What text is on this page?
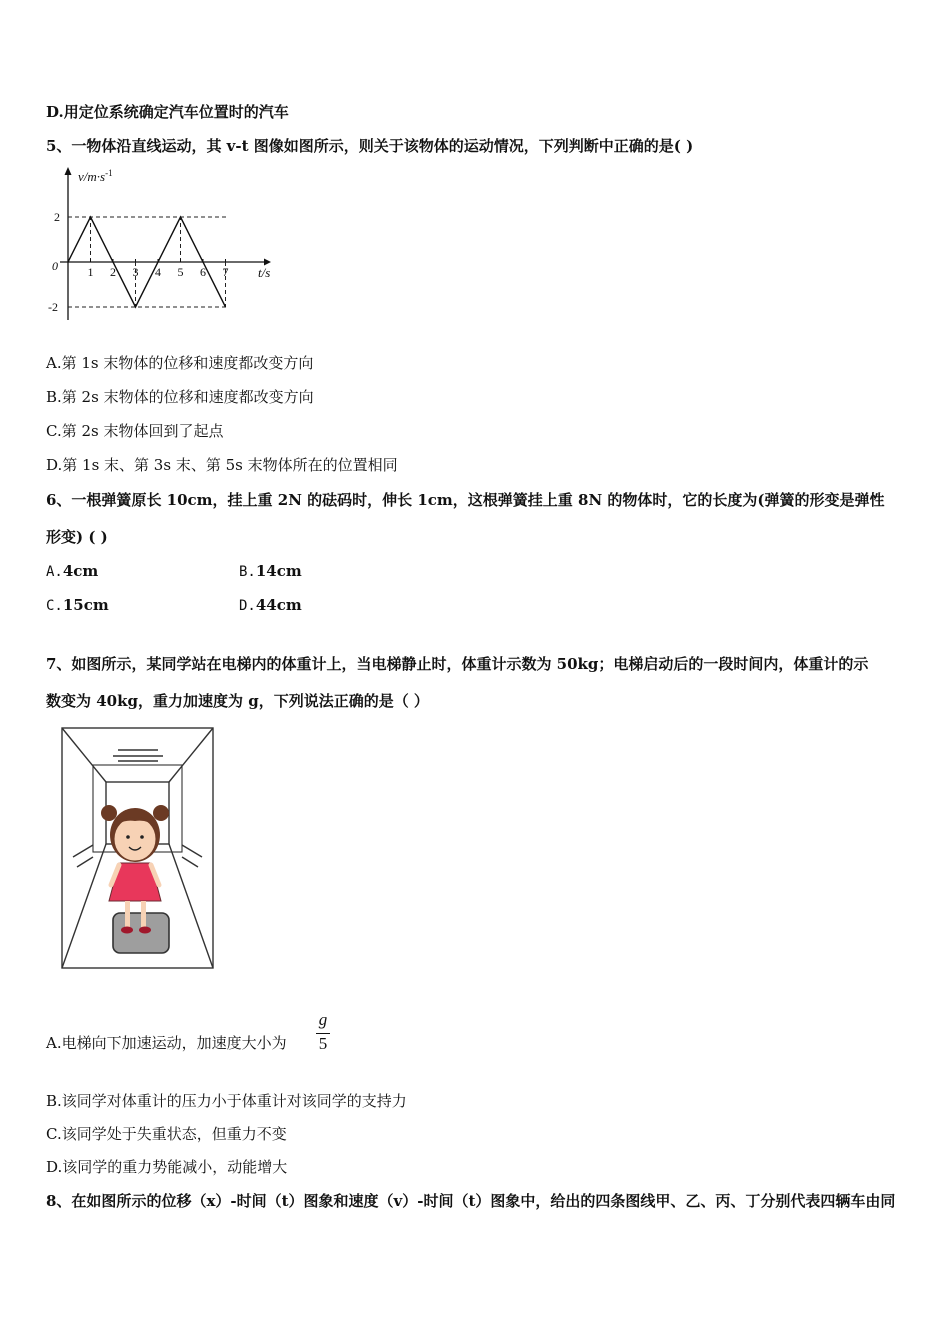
D.用定位系统确定汽车位置时的汽车
5、一物体沿直线运动，其 v-t 图像如图所示，则关于该物体的运动情况，下列判断中正确的是( )
1 2 3 4 5 6 7
2
-2
$v/m\cdot s^{-1}$
t/s
0
A.第 1s 末物体的位移和速度都改变方向
B.第 2s 末物体的位移和速度都改变方向
C.第 2s 末物体回到了起点
D.第 1s 末、第 3s 末、第 5s 末物体所在的位置相同
6、一根弹簧原长 10cm，挂上重 2N 的砝码时，伸长 1cm，这根弹簧挂上重 8N 的物体时，它的长度为(弹簧的形变是弹性
形变) ( )
A.4cm	B.14cm
C.15cm	D.44cm
7、如图所示，某同学站在电梯内的体重计上，当电梯静止时，体重计示数为 50kg；电梯启动后的一段时间内，体重计的示
数变为 40kg，重力加速度为 g，下列说法正确的是（ ）
A.电梯向下加速运动，加速度大小为
g
5
B.该同学对体重计的压力小于体重计对该同学的支持力
C.该同学处于失重状态，但重力不变
D.该同学的重力势能减小，动能增大
8、在如图所示的位移（x）-时间（t）图象和速度（v）-时间（t）图象中，给出的四条图线甲、乙、丙、丁分别代表四辆车由同
